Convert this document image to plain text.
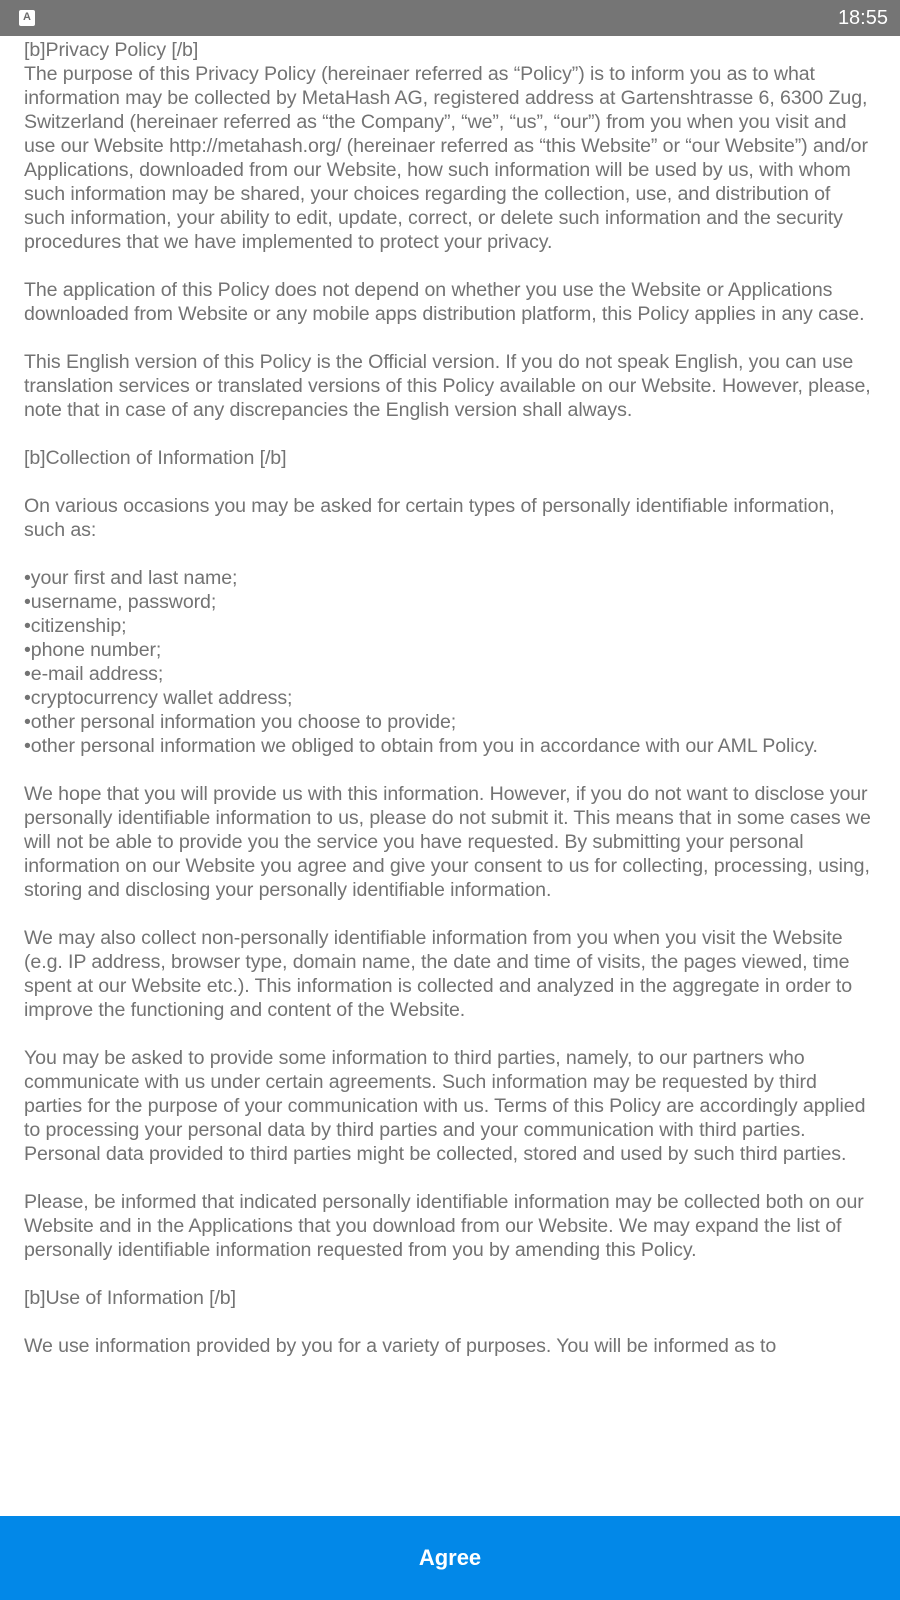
A	18:55

[b]Privacy Policy [/b]
The purpose of this Privacy Policy (hereinaer referred as “Policy”) is to inform you as to what information may be collected by MetaHash AG, registered address at Gartenshtrasse 6, 6300 Zug, Switzerland (hereinaer referred as “the Company”, “we”, “us”, “our”) from you when you visit and use our Website http://metahash.org/ (hereinaer referred as “this Website” or “our Website”) and/or Applications, downloaded from our Website, how such information will be used by us, with whom such information may be shared, your choices regarding the collection, use, and distribution of such information, your ability to edit, update, correct, or delete such information and the security procedures that we have implemented to protect your privacy.

The application of this Policy does not depend on whether you use the Website or Applications downloaded from Website or any mobile apps distribution platform, this Policy applies in any case.

This English version of this Policy is the Official version. If you do not speak English, you can use translation services or translated versions of this Policy available on our Website. However, please, note that in case of any discrepancies the English version shall always.

[b]Collection of Information [/b]

On various occasions you may be asked for certain types of personally identifiable information, such as:

• your first and last name;
• username, password;
• citizenship;
• phone number;
• e-mail address;
• cryptocurrency wallet address;
• other personal information you choose to provide;
• other personal information we obliged to obtain from you in accordance with our AML Policy.

We hope that you will provide us with this information. However, if you do not want to disclose your personally identifiable information to us, please do not submit it. This means that in some cases we will not be able to provide you the service you have requested. By submitting your personal information on our Website you agree and give your consent to us for collecting, processing, using, storing and disclosing your personally identifiable information.

We may also collect non-personally identifiable information from you when you visit the Website (e.g. IP address, browser type, domain name, the date and time of visits, the pages viewed, time spent at our Website etc.). This information is collected and analyzed in the aggregate in order to improve the functioning and content of the Website.

You may be asked to provide some information to third parties, namely, to our partners who communicate with us under certain agreements. Such information may be requested by third parties for the purpose of your communication with us. Terms of this Policy are accordingly applied to processing your personal data by third parties and your communication with third parties. Personal data provided to third parties might be collected, stored and used by such third parties.

Please, be informed that indicated personally identifiable information may be collected both on our Website and in the Applications that you download from our Website. We may expand the list of personally identifiable information requested from you by amending this Policy.

[b]Use of Information [/b]

We use information provided by you for a variety of purposes. You will be informed as to

Agree
